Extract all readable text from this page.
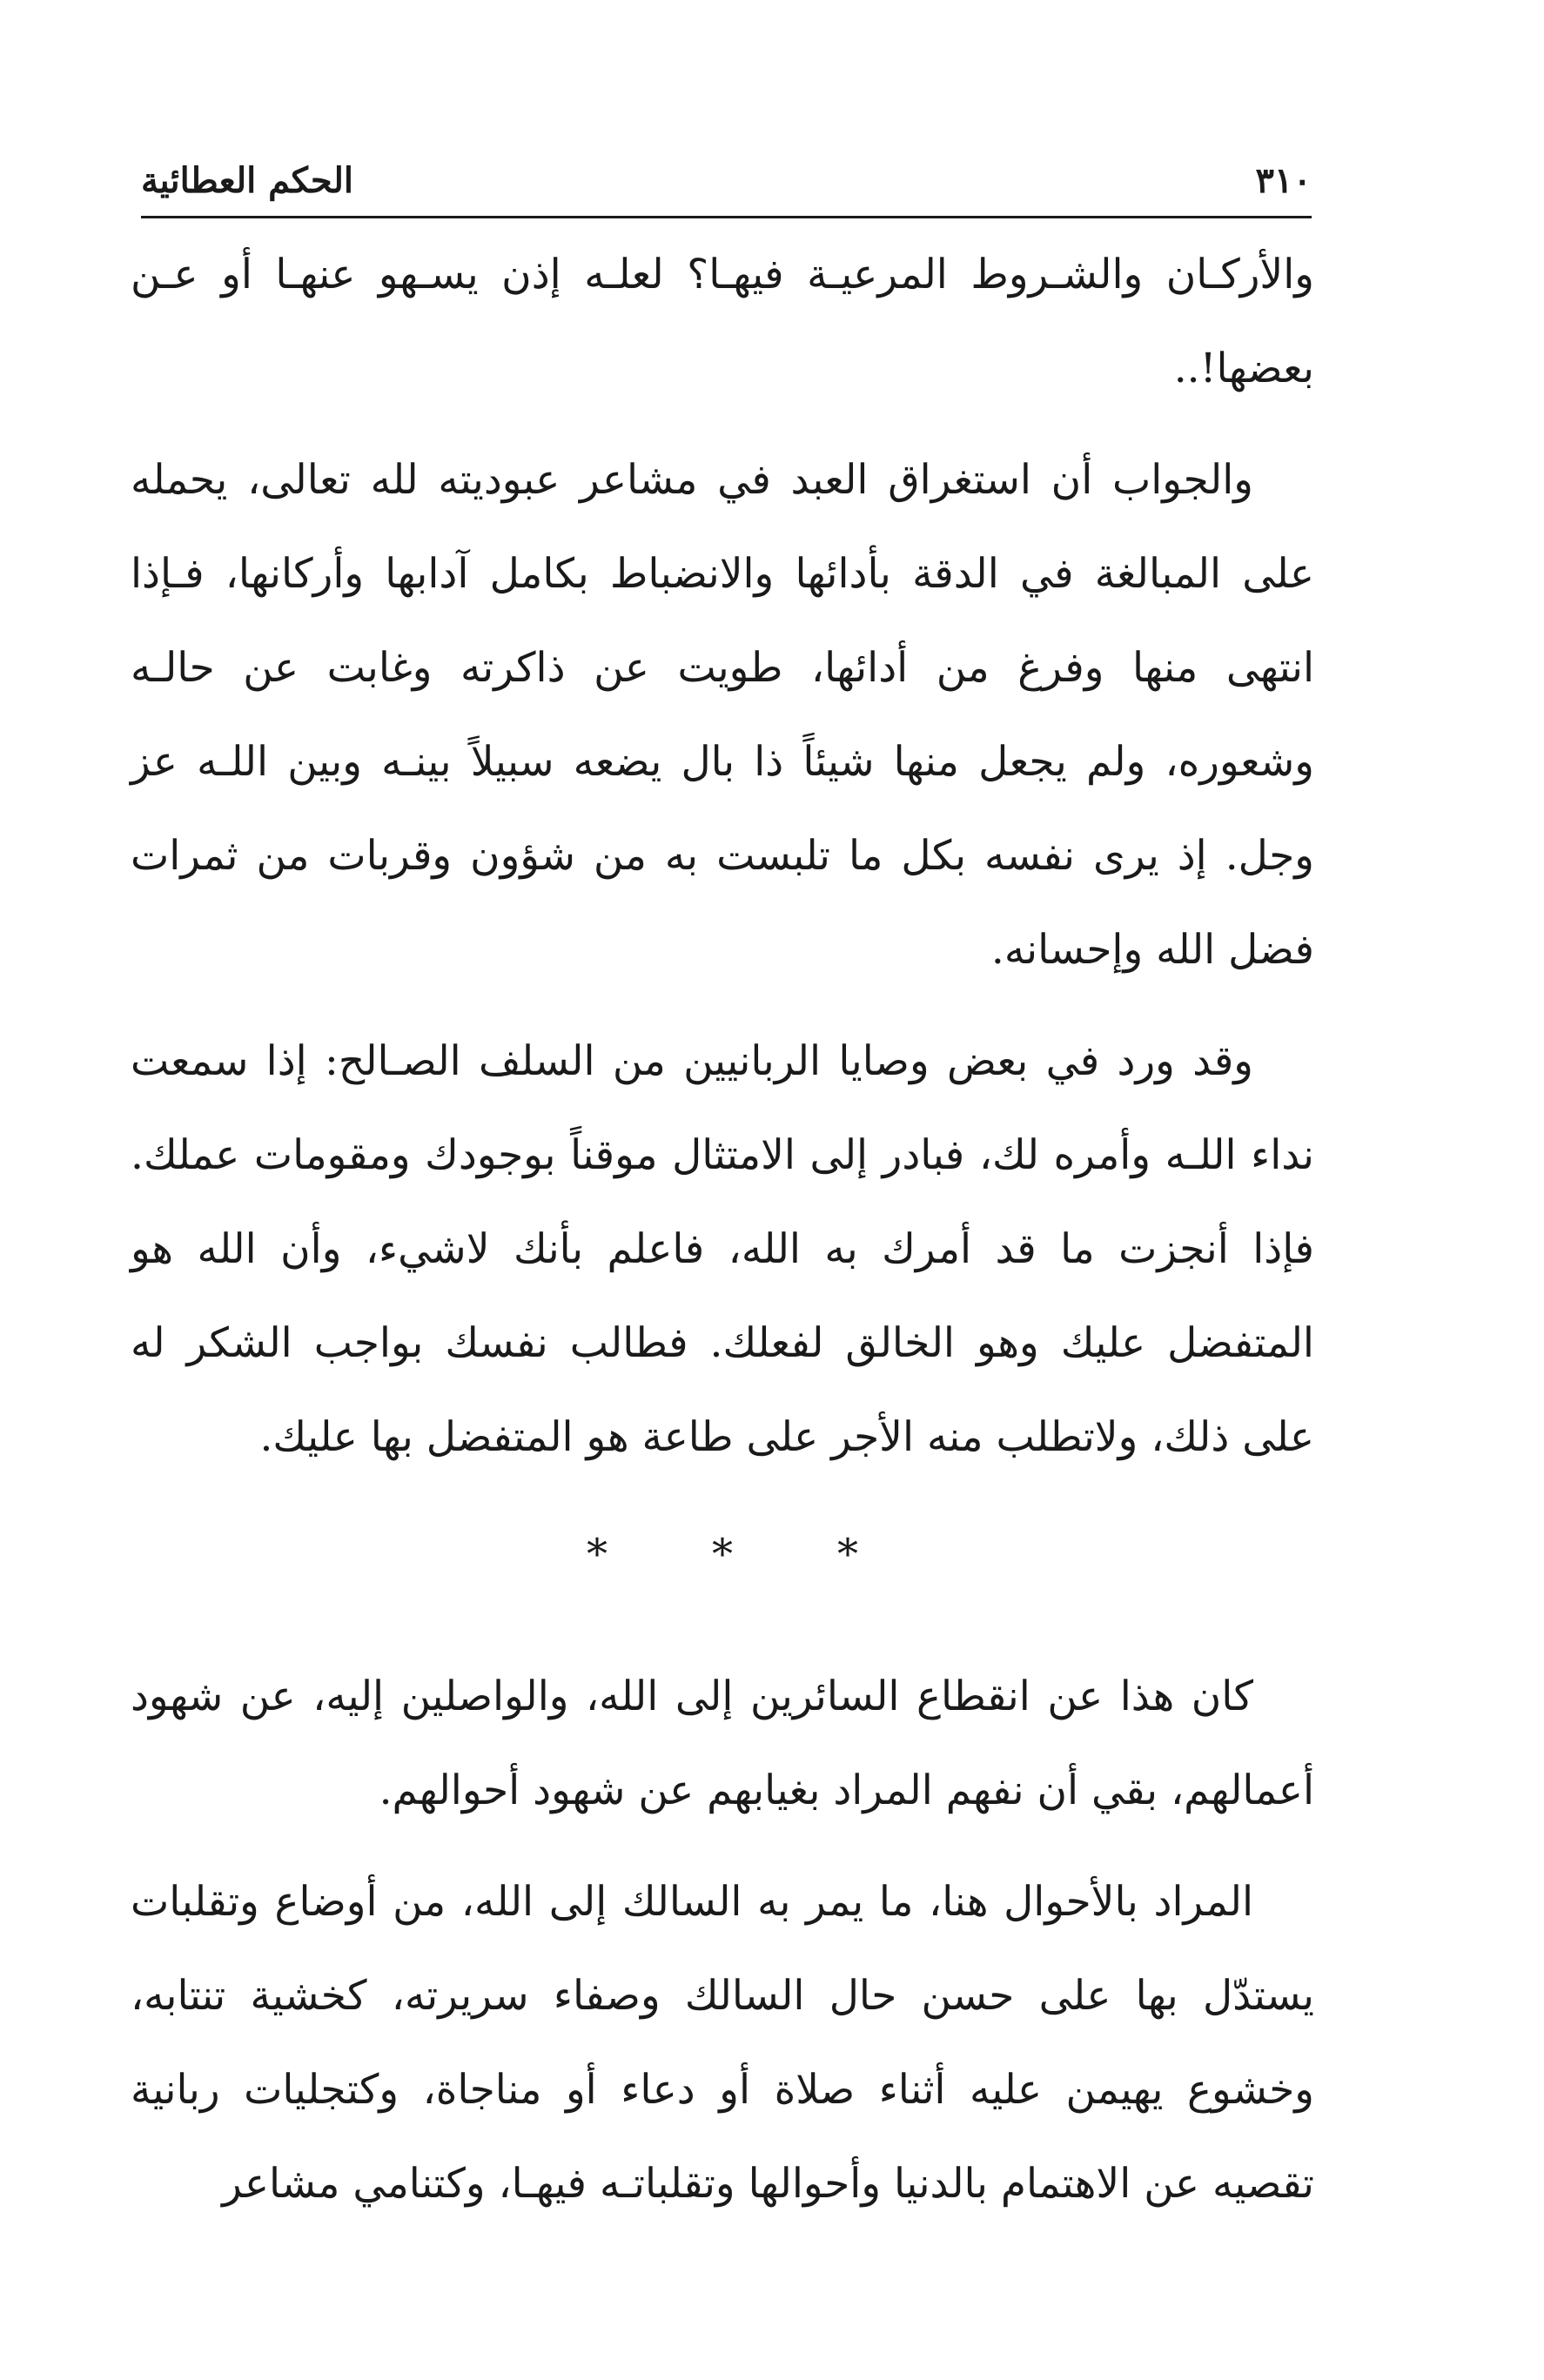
٣١٠
الحكم العطائية

والأركـان والشـروط المرعيـة فيهـا؟ لعلـه إذن يسـهو عنهـا أو عـن بعضها!..

والجواب أن استغراق العبد في مشاعر عبوديته لله تعالى، يحمله على المبالغة في الدقة بأدائها والانضباط بكامل آدابها وأركانها، فـإذا انتهى منها وفرغ من أدائها، طويت عن ذاكرته وغابت عن حالـه وشعوره، ولم يجعل منها شيئاً ذا بال يضعه سبيلاً بينـه وبين اللـه عز وجل. إذ يرى نفسه بكل ما تلبست به من شؤون وقربات من ثمرات فضل الله وإحسانه.

وقد ورد في بعض وصايا الربانيين من السلف الصـالح: إذا سمعت نداء اللـه وأمره لك، فبادر إلى الامتثال موقناً بوجودك ومقومات عملك. فإذا أنجزت ما قد أمرك به الله، فاعلم بأنك لاشيء، وأن الله هو المتفضل عليك وهو الخالق لفعلك. فطالب نفسك بواجب الشكر له على ذلك، ولاتطلب منه الأجر على طاعة هو المتفضل بها عليك.

*	*	*

كان هذا عن انقطاع السائرين إلى الله، والواصلين إليه، عن شهود أعمالهم، بقي أن نفهم المراد بغيابهم عن شهود أحوالهم.

المراد بالأحوال هنا، ما يمر به السالك إلى الله، من أوضاع وتقلبات يستدّل بها على حسن حال السالك وصفاء سريرته، كخشية تنتابه، وخشوع يهيمن عليه أثناء صلاة أو دعاء أو مناجاة، وكتجليات ربانية تقصيه عن الاهتمام بالدنيا وأحوالها وتقلباتـه فيهـا، وكتنامي مشاعر
